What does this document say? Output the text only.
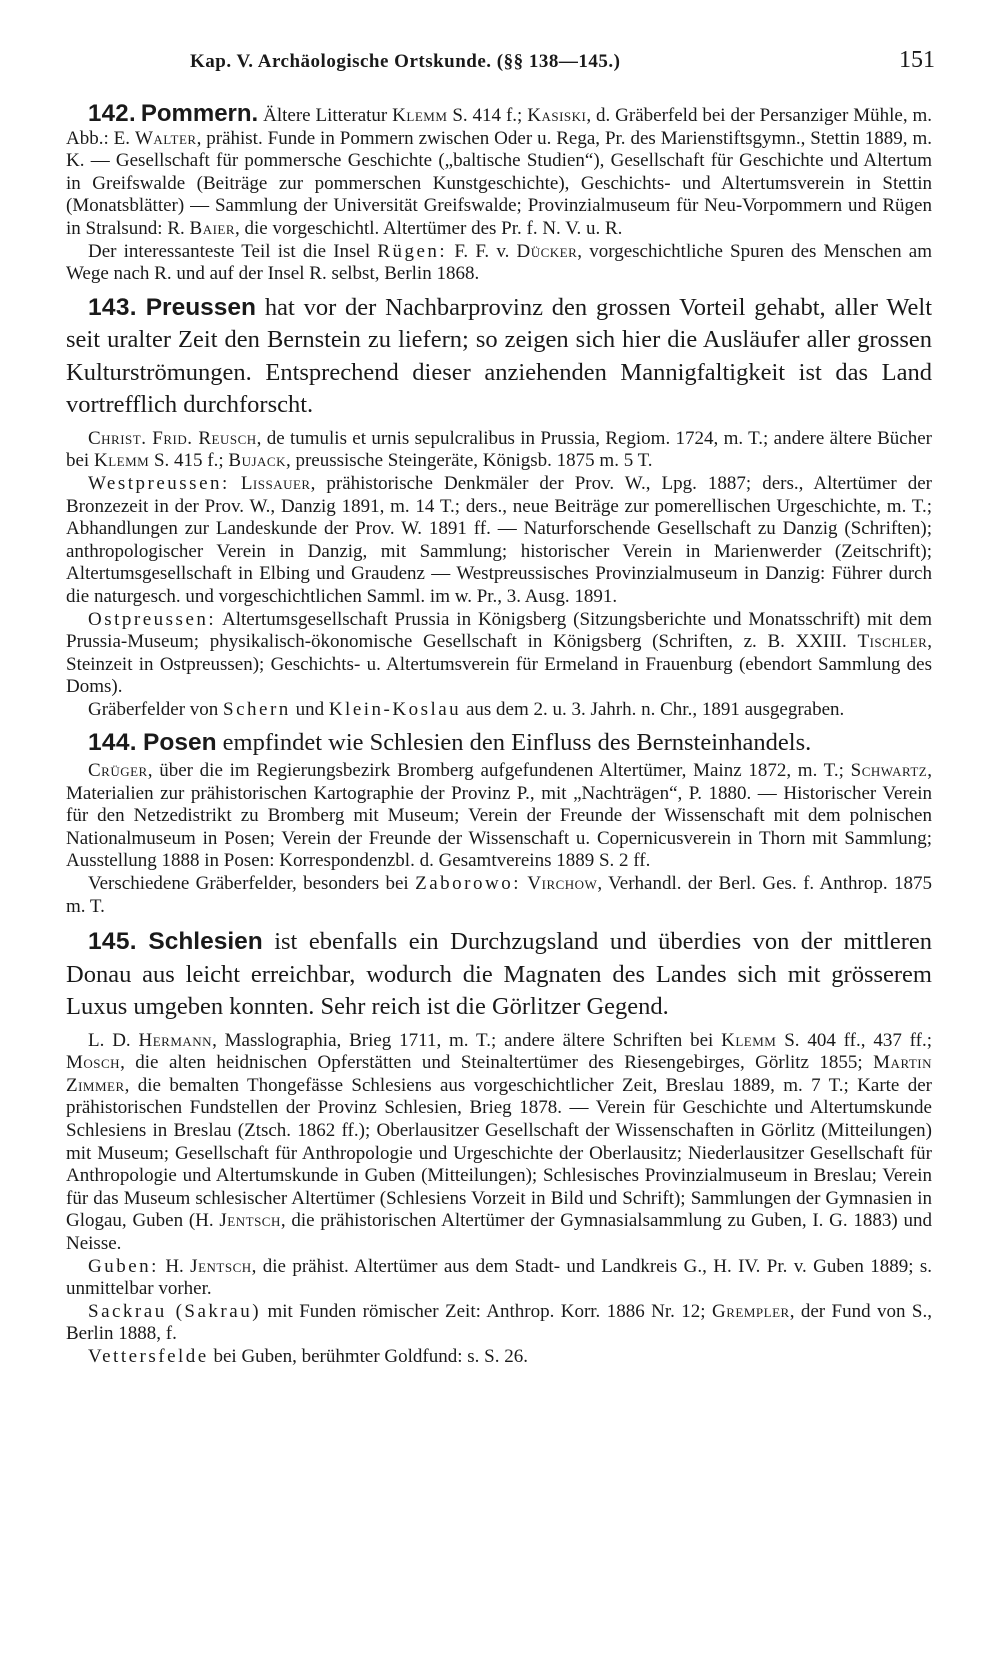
Kap. V. Archäologische Ortskunde. (§§ 138—145.)	151

142. Pommern. Ältere Litteratur Klemm S. 414 f.; Kasiski, d. Gräberfeld bei der Persanziger Mühle, m. Abb.: E. Walter, prähist. Funde in Pommern zwischen Oder u. Rega, Pr. des Marienstiftsgymn., Stettin 1889, m. K. — Gesellschaft für pommersche Geschichte („baltische Studien“), Gesellschaft für Geschichte und Altertum in Greifswalde (Beiträge zur pommerschen Kunstgeschichte), Geschichts- und Altertumsverein in Stettin (Monatsblätter) — Sammlung der Universität Greifswalde; Provinzialmuseum für Neu-Vorpommern und Rügen in Stralsund: R. Baier, die vorgeschichtl. Altertümer des Pr. f. N. V. u. R.

Der interessanteste Teil ist die Insel Rügen: F. F. v. Dücker, vorgeschichtliche Spuren des Menschen am Wege nach R. und auf der Insel R. selbst, Berlin 1868.

143. Preussen hat vor der Nachbarprovinz den grossen Vorteil gehabt, aller Welt seit uralter Zeit den Bernstein zu liefern; so zeigen sich hier die Ausläufer aller grossen Kulturströmungen. Entsprechend dieser anziehenden Mannigfaltigkeit ist das Land vortrefflich durchforscht.

Christ. Frid. Reusch, de tumulis et urnis sepulcralibus in Prussia, Regiom. 1724, m. T.; andere ältere Bücher bei Klemm S. 415 f.; Bujack, preussische Steingeräte, Königsb. 1875 m. 5 T.

Westpreussen: Lissauer, prähistorische Denkmäler der Prov. W., Lpg. 1887; ders., Altertümer der Bronzezeit in der Prov. W., Danzig 1891, m. 14 T.; ders., neue Beiträge zur pomerellischen Urgeschichte, m. T.; Abhandlungen zur Landeskunde der Prov. W. 1891 ff. — Naturforschende Gesellschaft zu Danzig (Schriften); anthropologischer Verein in Danzig, mit Sammlung; historischer Verein in Marienwerder (Zeitschrift); Altertumsgesellschaft in Elbing und Graudenz — Westpreussisches Provinzialmuseum in Danzig: Führer durch die naturgesch. und vorgeschichtlichen Samml. im w. Pr., 3. Ausg. 1891.

Ostpreussen: Altertumsgesellschaft Prussia in Königsberg (Sitzungsberichte und Monatsschrift) mit dem Prussia-Museum; physikalisch-ökonomische Gesellschaft in Königsberg (Schriften, z. B. XXIII. Tischler, Steinzeit in Ostpreussen); Geschichts- u. Altertumsverein für Ermeland in Frauenburg (ebendort Sammlung des Doms).

Gräberfelder von Schern und Klein-Koslau aus dem 2. u. 3. Jahrh. n. Chr., 1891 ausgegraben.

144. Posen empfindet wie Schlesien den Einfluss des Bernsteinhandels.

Crüger, über die im Regierungsbezirk Bromberg aufgefundenen Altertümer, Mainz 1872, m. T.; Schwartz, Materialien zur prähistorischen Kartographie der Provinz P., mit „Nachträgen“, P. 1880. — Historischer Verein für den Netzedistrikt zu Bromberg mit Museum; Verein der Freunde der Wissenschaft mit dem polnischen Nationalmuseum in Posen; Verein der Freunde der Wissenschaft u. Copernicusverein in Thorn mit Sammlung; Ausstellung 1888 in Posen: Korrespondenzbl. d. Gesamtvereins 1889 S. 2 ff.

Verschiedene Gräberfelder, besonders bei Zaborowo: Virchow, Verhandl. der Berl. Ges. f. Anthrop. 1875 m. T.

145. Schlesien ist ebenfalls ein Durchzugsland und überdies von der mittleren Donau aus leicht erreichbar, wodurch die Magnaten des Landes sich mit grösserem Luxus umgeben konnten. Sehr reich ist die Görlitzer Gegend.

L. D. Hermann, Masslographia, Brieg 1711, m. T.; andere ältere Schriften bei Klemm S. 404 ff., 437 ff.; Mosch, die alten heidnischen Opferstätten und Steinaltertümer des Riesengebirges, Görlitz 1855; Martin Zimmer, die bemalten Thongefässe Schlesiens aus vorgeschichtlicher Zeit, Breslau 1889, m. 7 T.; Karte der prähistorischen Fundstellen der Provinz Schlesien, Brieg 1878. — Verein für Geschichte und Altertumskunde Schlesiens in Breslau (Ztsch. 1862 ff.); Oberlausitzer Gesellschaft der Wissenschaften in Görlitz (Mitteilungen) mit Museum; Gesellschaft für Anthropologie und Urgeschichte der Oberlausitz; Niederlausitzer Gesellschaft für Anthropologie und Altertumskunde in Guben (Mitteilungen); Schlesisches Provinzialmuseum in Breslau; Verein für das Museum schlesischer Altertümer (Schlesiens Vorzeit in Bild und Schrift); Sammlungen der Gymnasien in Glogau, Guben (H. Jentsch, die prähistorischen Altertümer der Gymnasialsammlung zu Guben, I. G. 1883) und Neisse.

Guben: H. Jentsch, die prähist. Altertümer aus dem Stadt- und Landkreis G., H. IV. Pr. v. Guben 1889; s. unmittelbar vorher.

Sackrau (Sakrau) mit Funden römischer Zeit: Anthrop. Korr. 1886 Nr. 12; Grempler, der Fund von S., Berlin 1888, f.

Vettersfelde bei Guben, berühmter Goldfund: s. S. 26.
